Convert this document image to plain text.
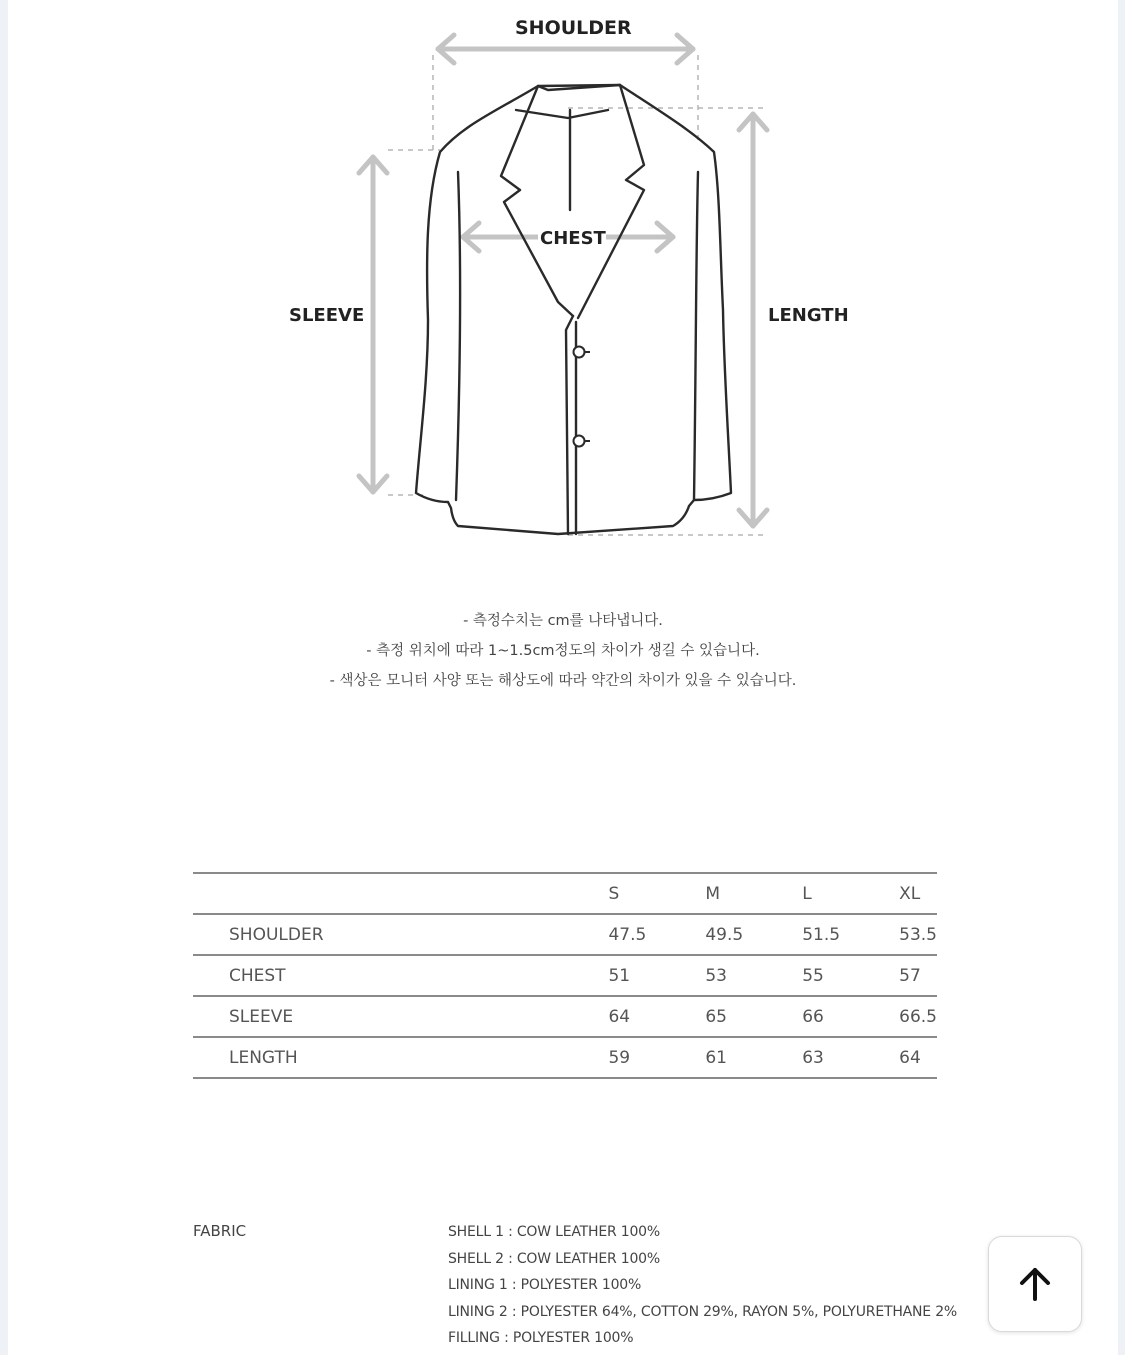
SHOULDER
CHEST
SLEEVE	LENGTH
- 측정수치는 cm를 나타냅니다.
- 측정 위치에 따라 1~1.5cm정도의 차이가 생길 수 있습니다.
- 색상은 모니터 사양 또는 해상도에 따라 약간의 차이가 있을 수 있습니다.
	S	M	L	XL
SHOULDER	47.5	49.5	51.5	53.5
CHEST	51	53	55	57
SLEEVE	64	65	66	66.5
LENGTH	59	61	63	64
FABRIC	SHELL 1 : COW LEATHER 100%
SHELL 2 : COW LEATHER 100%
LINING 1 : POLYESTER 100%
LINING 2 : POLYESTER 64%, COTTON 29%, RAYON 5%, POLYURETHANE 2%
FILLING : POLYESTER 100%
